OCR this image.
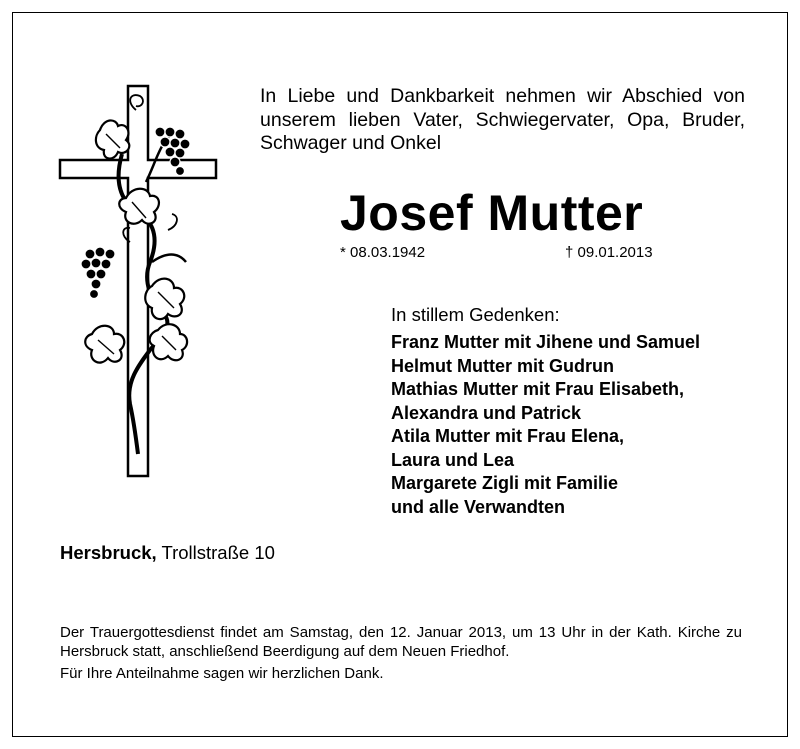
In Liebe und Dankbarkeit nehmen wir Abschied von unserem lieben Vater, Schwiegervater, Opa, Bruder, Schwager und Onkel
Josef Mutter
* 08.03.1942	† 09.01.2013
In stillem Gedenken:
Franz Mutter mit Jihene und Samuel
Helmut Mutter mit Gudrun
Mathias Mutter mit Frau Elisabeth,
Alexandra und Patrick
Atila Mutter mit Frau Elena,
Laura und Lea
Margarete Zigli mit Familie
und alle Verwandten
Hersbruck, Trollstraße 10

Der Trauergottesdienst findet am Samstag, den 12. Januar 2013, um 13 Uhr in der Kath. Kirche zu Hersbruck statt, anschließend Beerdigung auf dem Neuen Friedhof.

Für Ihre Anteilnahme sagen wir herzlichen Dank.
